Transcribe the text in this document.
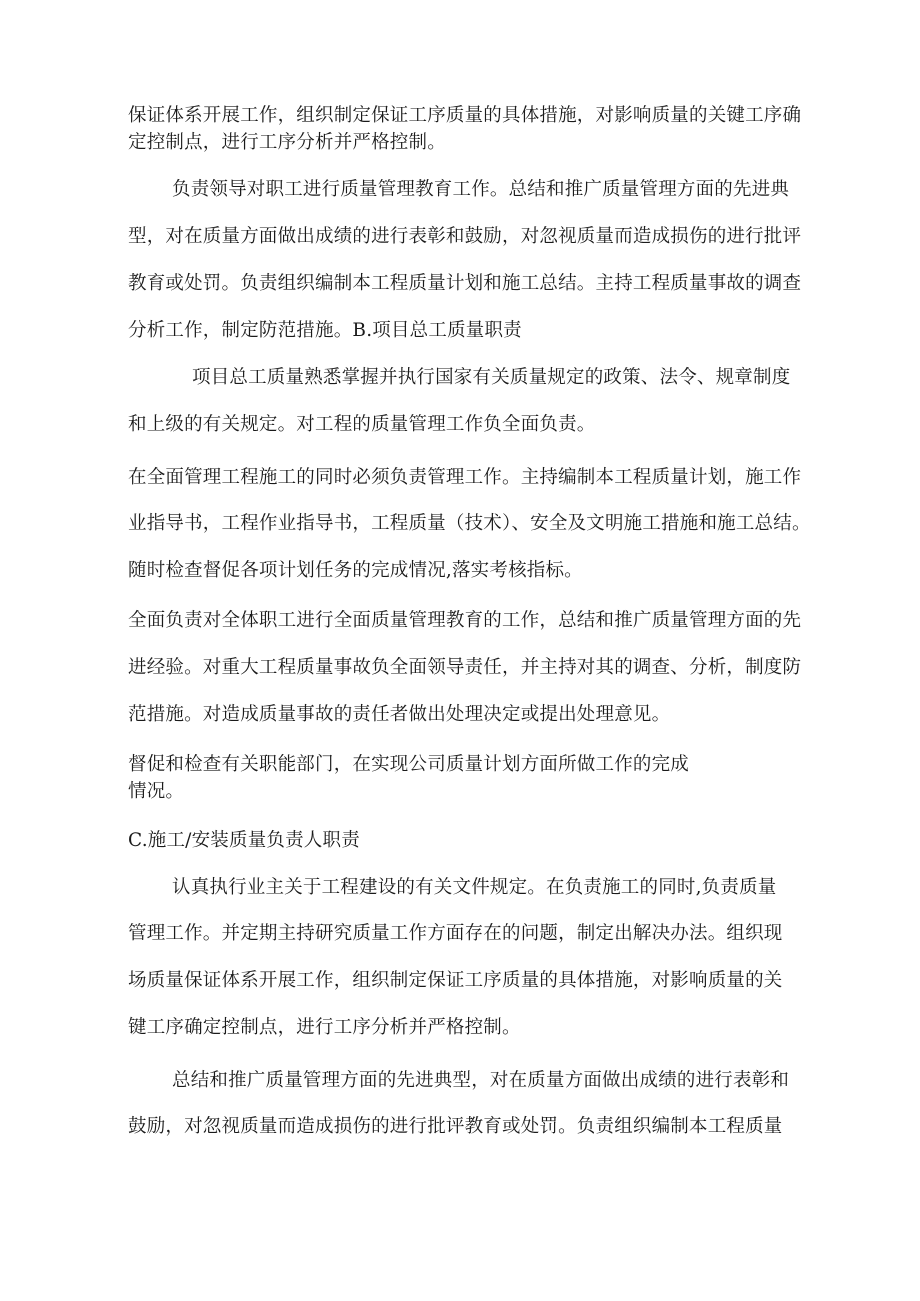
保证体系开展工作，组织制定保证工序质量的具体措施，对影响质量的关键工序确
定控制点，进行工序分析并严格控制。
负责领导对职工进行质量管理教育工作。总结和推广质量管理方面的先进典
型，对在质量方面做出成绩的进行表彰和鼓励，对忽视质量而造成损伤的进行批评
教育或处罚。负责组织编制本工程质量计划和施工总结。主持工程质量事故的调查
分析工作，制定防范措施。B.项目总工质量职责
项目总工质量熟悉掌握并执行国家有关质量规定的政策、法令、规章制度
和上级的有关规定。对工程的质量管理工作负全面负责。
在全面管理工程施工的同时必须负责管理工作。主持编制本工程质量计划，施工作
业指导书，工程作业指导书，工程质量（技术）、安全及文明施工措施和施工总结。
随时检查督促各项计划任务的完成情况,落实考核指标。
全面负责对全体职工进行全面质量管理教育的工作，总结和推广质量管理方面的先
进经验。对重大工程质量事故负全面领导责任，并主持对其的调查、分析，制度防
范措施。对造成质量事故的责任者做出处理决定或提出处理意见。
督促和检查有关职能部门，在实现公司质量计划方面所做工作的完成
情况。
C.施工/安装质量负责人职责
认真执行业主关于工程建设的有关文件规定。在负责施工的同时,负责质量
管理工作。并定期主持研究质量工作方面存在的问题，制定出解决办法。组织现
场质量保证体系开展工作，组织制定保证工序质量的具体措施，对影响质量的关
键工序确定控制点，进行工序分析并严格控制。
总结和推广质量管理方面的先进典型，对在质量方面做出成绩的进行表彰和
鼓励，对忽视质量而造成损伤的进行批评教育或处罚。负责组织编制本工程质量
